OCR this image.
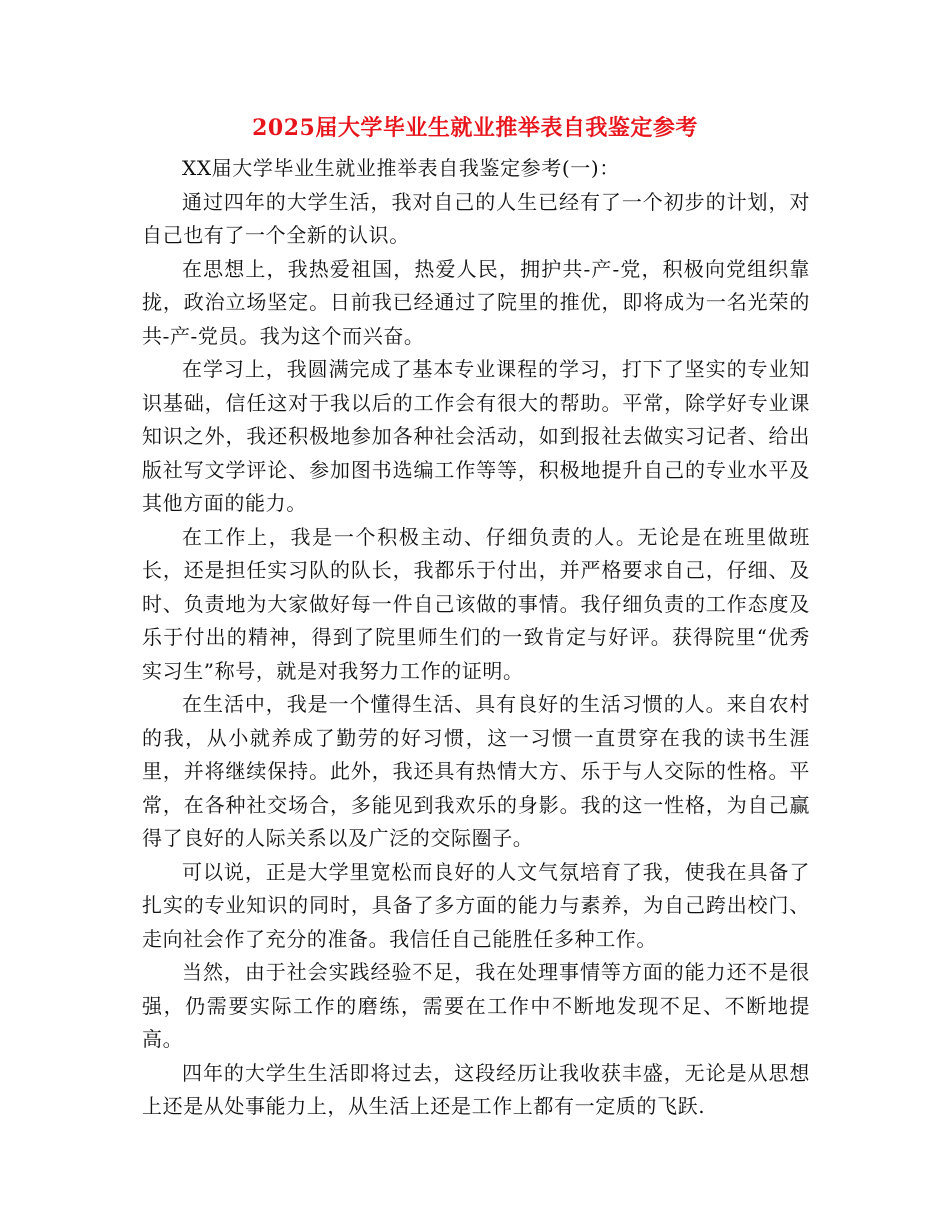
2025届大学毕业生就业推举表自我鉴定参考

XX届大学毕业生就业推举表自我鉴定参考(一)：

通过四年的大学生活，我对自己的人生已经有了一个初步的计划，对自己也有了一个全新的认识。

在思想上，我热爱祖国，热爱人民，拥护共-产-党，积极向党组织靠拢，政治立场坚定。日前我已经通过了院里的推优，即将成为一名光荣的共-产-党员。我为这个而兴奋。

在学习上，我圆满完成了基本专业课程的学习，打下了坚实的专业知识基础，信任这对于我以后的工作会有很大的帮助。平常，除学好专业课知识之外，我还积极地参加各种社会活动，如到报社去做实习记者、给出版社写文学评论、参加图书选编工作等等，积极地提升自己的专业水平及其他方面的能力。

在工作上，我是一个积极主动、仔细负责的人。无论是在班里做班长，还是担任实习队的队长，我都乐于付出，并严格要求自己，仔细、及时、负责地为大家做好每一件自己该做的事情。我仔细负责的工作态度及乐于付出的精神，得到了院里师生们的一致肯定与好评。获得院里“优秀实习生”称号，就是对我努力工作的证明。

在生活中，我是一个懂得生活、具有良好的生活习惯的人。来自农村的我，从小就养成了勤劳的好习惯，这一习惯一直贯穿在我的读书生涯里，并将继续保持。此外，我还具有热情大方、乐于与人交际的性格。平常，在各种社交场合，多能见到我欢乐的身影。我的这一性格，为自己赢得了良好的人际关系以及广泛的交际圈子。

可以说，正是大学里宽松而良好的人文气氛培育了我，使我在具备了扎实的专业知识的同时，具备了多方面的能力与素养，为自己跨出校门、走向社会作了充分的准备。我信任自己能胜任多种工作。

当然，由于社会实践经验不足，我在处理事情等方面的能力还不是很强，仍需要实际工作的磨练，需要在工作中不断地发现不足、不断地提高。

四年的大学生生活即将过去，这段经历让我收获丰盛，无论是从思想上还是从处事能力上，从生活上还是工作上都有一定质的飞跃.
